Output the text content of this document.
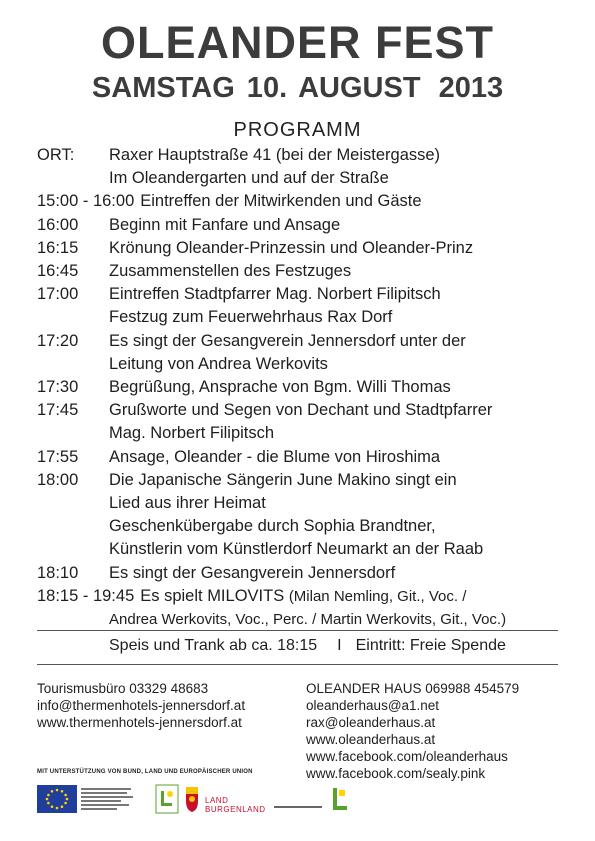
OLEANDER FEST
SAMSTAG 10. AUGUST 2013
PROGRAMM
ORT:	Raxer Hauptstraße 41 (bei der Meistergasse)
Im Oleandergarten und auf der Straße
15:00 - 16:00 Eintreffen der Mitwirkenden und Gäste
16:00	Beginn mit Fanfare und Ansage
16:15	Krönung Oleander-Prinzessin und Oleander-Prinz
16:45	Zusammenstellen des Festzuges
17:00	Eintreffen Stadtpfarrer Mag. Norbert Filipitsch
Festzug zum Feuerwehrhaus Rax Dorf
17:20	Es singt der Gesangverein Jennersdorf unter der
Leitung von Andrea Werkovits
17:30	Begrüßung, Ansprache von Bgm. Willi Thomas
17:45	Grußworte und Segen von Dechant und Stadtpfarrer
Mag. Norbert Filipitsch
17:55	Ansage, Oleander - die Blume von Hiroshima
18:00	Die Japanische Sängerin June Makino singt ein
Lied aus ihrer Heimat
Geschenkübergabe durch Sophia Brandtner,
Künstlerin vom Künstlerdorf Neumarkt an der Raab
18:10	Es singt der Gesangverein Jennersdorf
18:15 - 19:45 Es spielt MILOVITS (Milan Nemling, Git., Voc. /
Andrea Werkovits, Voc., Perc. / Martin Werkovits, Git., Voc.)
Speis und Trank ab ca. 18:15 I Eintritt: Freie Spende
Tourismusbüro 03329 48683
info@thermenhotels-jennersdorf.at
www.thermenhotels-jennersdorf.at
OLEANDER HAUS 069988 454579
oleanderhaus@a1.net
rax@oleanderhaus.at
www.oleanderhaus.at
www.facebook.com/oleanderhaus
www.facebook.com/sealy.pink
MIT UNTERSTÜTZUNG VON BUND, LAND UND EUROPÄISCHER UNION
LAND
BURGENLAND
